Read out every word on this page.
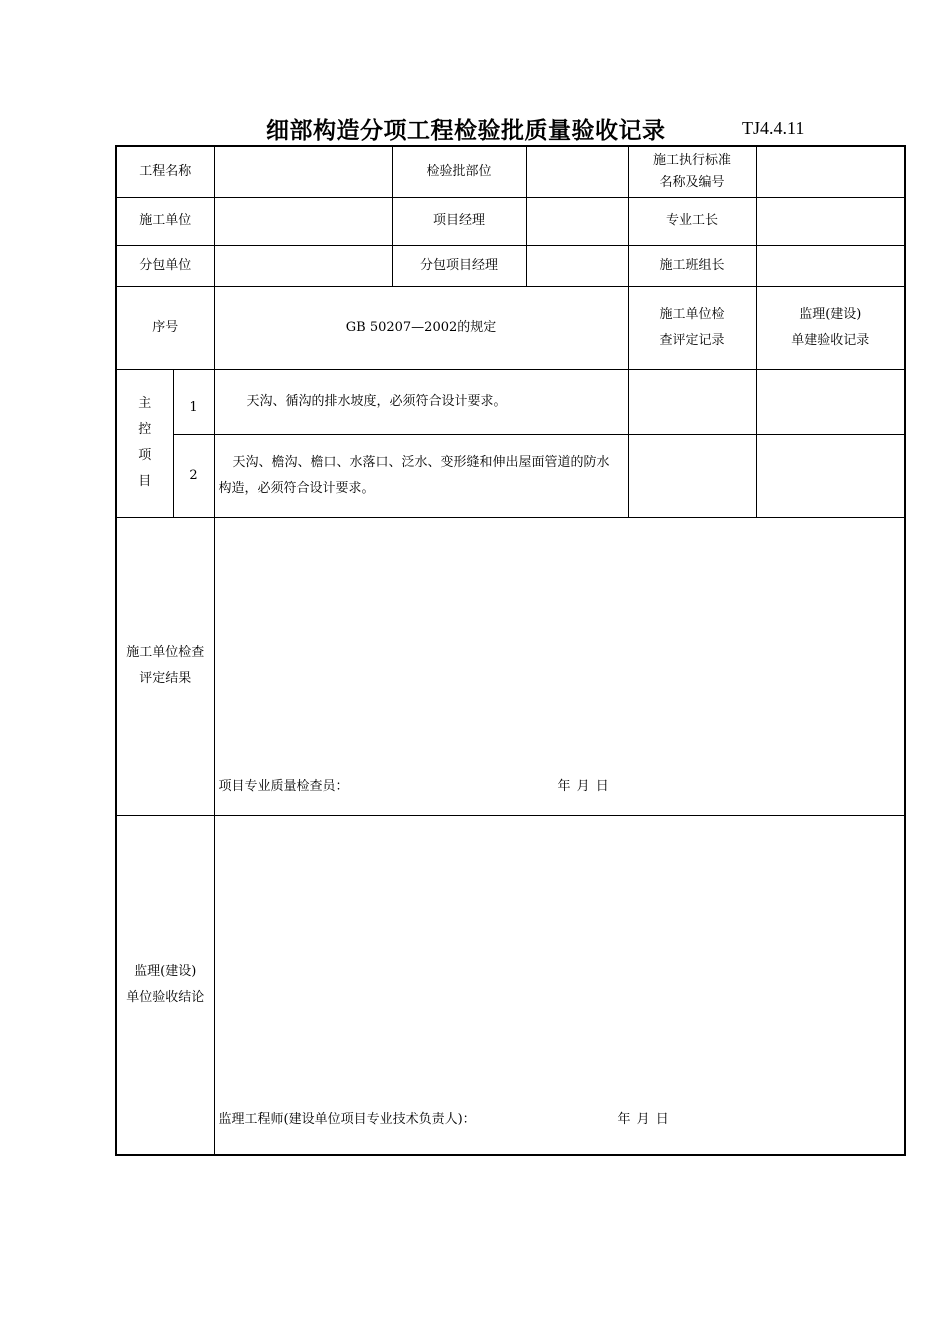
细部构造分项工程检验批质量验收记录	TJ4.4.11
工程名称			检验批部位		施工执行标准
名称及编号	
施工单位			项目经理		专业工长	
分包单位			分包项目经理		施工班组长	
序号		GB 50207—2002的规定			施工单位检
查评定记录	监理(建设)
单建验收记录
主
控
项
目	1	天沟、循沟的排水坡度，必须符合设计要求。				
	2	天沟、檐沟、檐口、水落口、泛水、变形缝和伸出屋面管道的防水
构造，必须符合设计要求。				
施工单位检查
评定结果		项目专业质量检查员： 年 月 日				

监理(建设)
单位验收结论		监理工程师(建设单位项目专业技术负责人)： 年 月 日				
